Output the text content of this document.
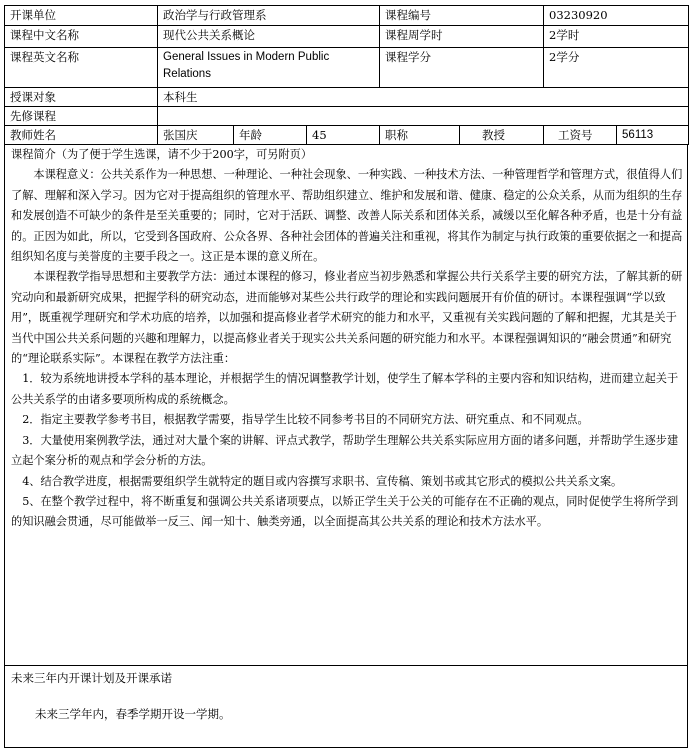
开课单位	政治学与行政管理系			课程编号		03230920	
课程中文名称	现代公共关系概论			课程周学时		2学时	
课程英文名称	General Issues in Modern Public Relations			课程学分		2学分	
授课对象	本科生						
先修课程							
教师姓名	张国庆	年龄	45	职称	教授	工资号	56113

课程简介（为了便于学生选课，请不少于200字，可另附页）

本课程意义：公共关系作为一种思想、一种理论、一种社会现象、一种实践、一种技术方法、一种管理哲学和管理方式，很值得人们了解、理解和深入学习。因为它对于提高组织的管理水平、帮助组织建立、维护和发展和谐、健康、稳定的公众关系，从而为组织的生存和发展创造不可缺少的条件是至关重要的；同时，它对于活跃、调整、改善人际关系和团体关系，减缓以至化解各种矛盾，也是十分有益的。正因为如此，所以，它受到各国政府、公众各界、各种社会团体的普遍关注和重视，将其作为制定与执行政策的重要依据之一和提高组织知名度与美誉度的主要手段之一。这正是本课的意义所在。

本课程教学指导思想和主要教学方法：通过本课程的修习，修业者应当初步熟悉和掌握公共行关系学主要的研究方法，了解其新的研究动向和最新研究成果，把握学科的研究动态，进而能够对某些公共行政学的理论和实践问题展开有价值的研讨。本课程强调“学以致用”，既重视学理研究和学术功底的培养，以加强和提高修业者学术研究的能力和水平，又重视有关实践问题的了解和把握，尤其是关于当代中国公共关系问题的兴趣和理解力，以提高修业者关于现实公共关系问题的研究能力和水平。本课程强调知识的“融会贯通”和研究的“理论联系实际”。本课程在教学方法注重：

1．较为系统地讲授本学科的基本理论，并根据学生的情况调整教学计划，使学生了解本学科的主要内容和知识结构，进而建立起关于公共关系学的由诸多要项所构成的系统概念。

2．指定主要教学参考书目，根据教学需要，指导学生比较不同参考书目的不同研究方法、研究重点、和不同观点。

3．大量使用案例教学法，通过对大量个案的讲解、评点式教学，帮助学生理解公共关系实际应用方面的诸多问题，并帮助学生逐步建立起个案分析的观点和学会分析的方法。

4、结合教学进度，根据需要组织学生就特定的题目或内容撰写求职书、宣传稿、策划书或其它形式的模拟公共关系文案。

5、在整个教学过程中，将不断重复和强调公共关系诸项要点，以矫正学生关于公关的可能存在不正确的观点，同时促使学生将所学到的知识融会贯通，尽可能做举一反三、闻一知十、触类旁通，以全面提高其公共关系的理论和技术方法水平。

未来三年内开课计划及开课承诺
未来三学年内，春季学期开设一学期。
